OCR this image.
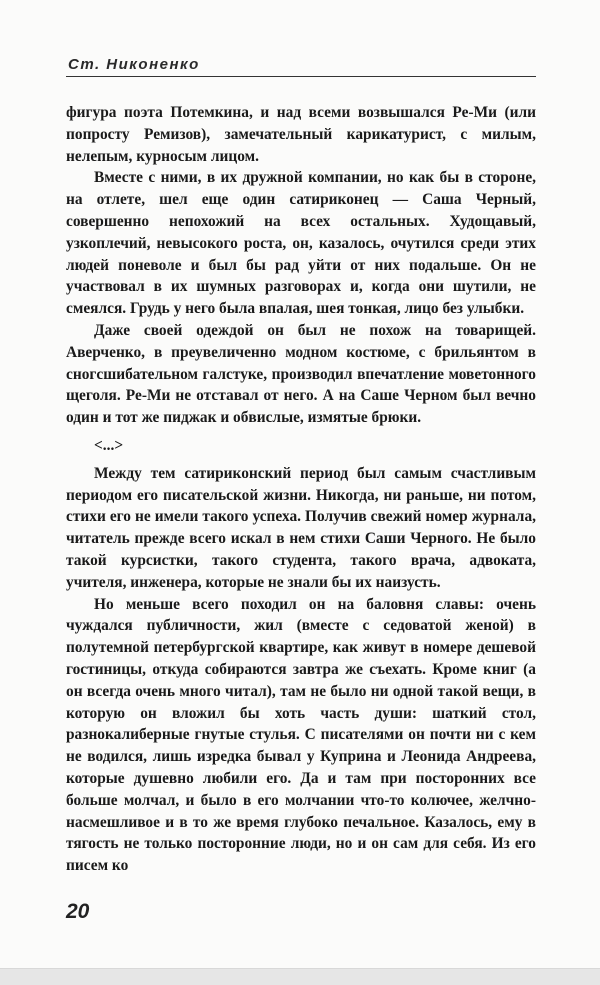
Ст. Никоненко

фигура поэта Потемкина, и над всеми возвышался Ре-Ми (или попросту Ремизов), замечательный карикатурист, с милым, нелепым, курносым лицом.

Вместе с ними, в их дружной компании, но как бы в стороне, на отлете, шел еще один сатириконец — Саша Черный, совершенно непохожий на всех остальных. Худощавый, узкоплечий, невысокого роста, он, казалось, очутился среди этих людей поневоле и был бы рад уйти от них подальше. Он не участвовал в их шумных разговорах и, когда они шутили, не смеялся. Грудь у него была впалая, шея тонкая, лицо без улыбки.

Даже своей одеждой он был не похож на товарищей. Аверченко, в преувеличенно модном костюме, с брильянтом в сногсшибательном галстуке, производил впечатление моветонного щеголя. Ре-Ми не отставал от него. А на Саше Черном был вечно один и тот же пиджак и обвислые, измятые брюки.

<...>

Между тем сатириконский период был самым счастливым периодом его писательской жизни. Никогда, ни раньше, ни потом, стихи его не имели такого успеха. Получив свежий номер журнала, читатель прежде всего искал в нем стихи Саши Черного. Не было такой курсистки, такого студента, такого врача, адвоката, учителя, инженера, которые не знали бы их наизусть.

Но меньше всего походил он на баловня славы: очень чуждался публичности, жил (вместе с седоватой женой) в полутемной петербургской квартире, как живут в номере дешевой гостиницы, откуда собираются завтра же съехать. Кроме книг (а он всегда очень много читал), там не было ни одной такой вещи, в которую он вложил бы хоть часть души: шаткий стол, разнокалиберные гнутые стулья. С писателями он почти ни с кем не водился, лишь изредка бывал у Куприна и Леонида Андреева, которые душевно любили его. Да и там при посторонних все больше молчал, и было в его молчании что-то колючее, желчно-насмешливое и в то же время глубоко печальное. Казалось, ему в тягость не только посторонние люди, но и он сам для себя. Из его писем ко

20
